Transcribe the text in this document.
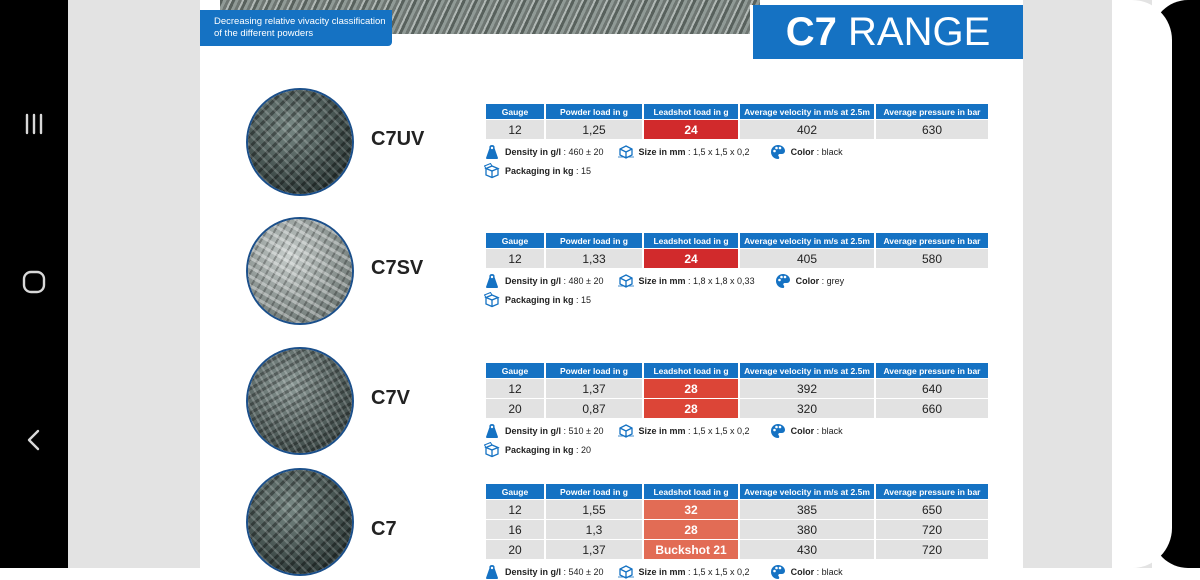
Decreasing relative vivacity classification
of the different powders	C7 RANGE
C7UV
Gauge	Powder load in g	Leadshot load in g	Average velocity in m/s at 2.5m	Average pressure in bar
12	1,25	24	402	630
Density in g/l : 460 ± 20	Size in mm : 1,5 x 1,5 x 0,2	Color : black
Packaging in kg : 15
C7SV
Gauge	Powder load in g	Leadshot load in g	Average velocity in m/s at 2.5m	Average pressure in bar
12	1,33	24	405	580
Density in g/l : 480 ± 20	Size in mm : 1,8 x 1,8 x 0,33	Color : grey
Packaging in kg : 15
C7V
Gauge	Powder load in g	Leadshot load in g	Average velocity in m/s at 2.5m	Average pressure in bar
12	1,37	28	392	640
20	0,87	28	320	660
Density in g/l : 510 ± 20	Size in mm : 1,5 x 1,5 x 0,2	Color : black
Packaging in kg : 20
C7
Gauge	Powder load in g	Leadshot load in g	Average velocity in m/s at 2.5m	Average pressure in bar
12	1,55	32	385	650
16	1,3	28	380	720
20	1,37	Buckshot 21	430	720
Density in g/l : 540 ± 20	Size in mm : 1,5 x 1,5 x 0,2	Color : black
